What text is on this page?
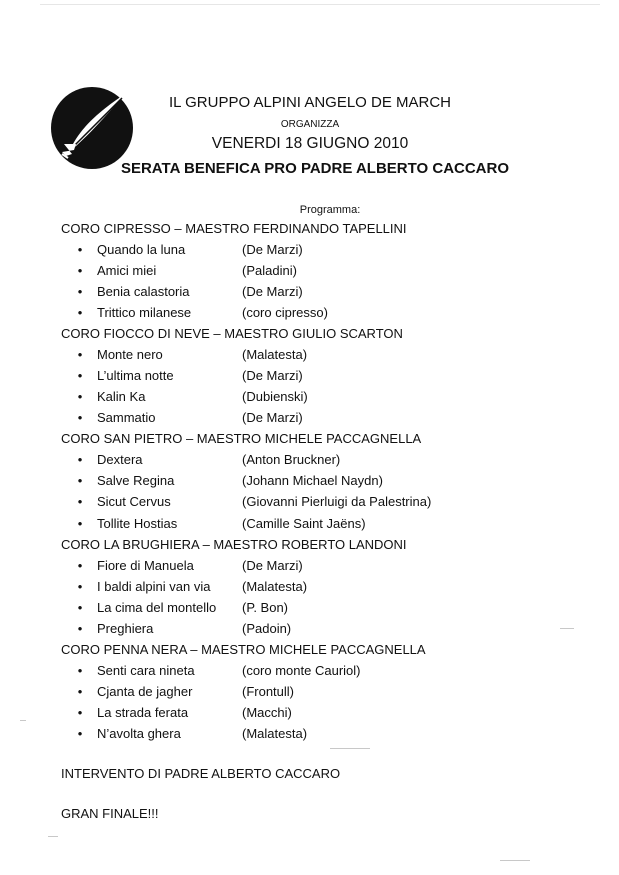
IL GRUPPO ALPINI ANGELO DE MARCH
ORGANIZZA
VENERDI 18 GIUGNO 2010
SERATA BENEFICA PRO PADRE ALBERTO CACCARO
Programma:
CORO CIPRESSO – MAESTRO FERDINANDO TAPELLINI
• Quando la luna	(De Marzi)
• Amici miei	(Paladini)
• Benia calastoria	(De Marzi)
• Trittico milanese	(coro cipresso)
CORO FIOCCO DI NEVE – MAESTRO GIULIO SCARTON
• Monte nero	(Malatesta)
• L’ultima notte	(De Marzi)
• Kalin Ka	(Dubienski)
• Sammatio	(De Marzi)
CORO SAN PIETRO – MAESTRO MICHELE PACCAGNELLA
• Dextera	(Anton Bruckner)
• Salve Regina	(Johann Michael Naydn)
• Sicut Cervus	(Giovanni Pierluigi da Palestrina)
• Tollite Hostias	(Camille Saint Jaëns)
CORO LA BRUGHIERA – MAESTRO ROBERTO LANDONI
• Fiore di Manuela	(De Marzi)
• I baldi alpini van via (Malatesta)
• La cima del montello (P. Bon)
• Preghiera	(Padoin)
CORO PENNA NERA – MAESTRO MICHELE PACCAGNELLA
• Senti cara nineta	(coro monte Cauriol)
• Cjanta de jagher	(Frontull)
• La strada ferata	(Macchi)
• N’avolta ghera	(Malatesta)
INTERVENTO DI PADRE ALBERTO CACCARO
GRAN FINALE!!!
